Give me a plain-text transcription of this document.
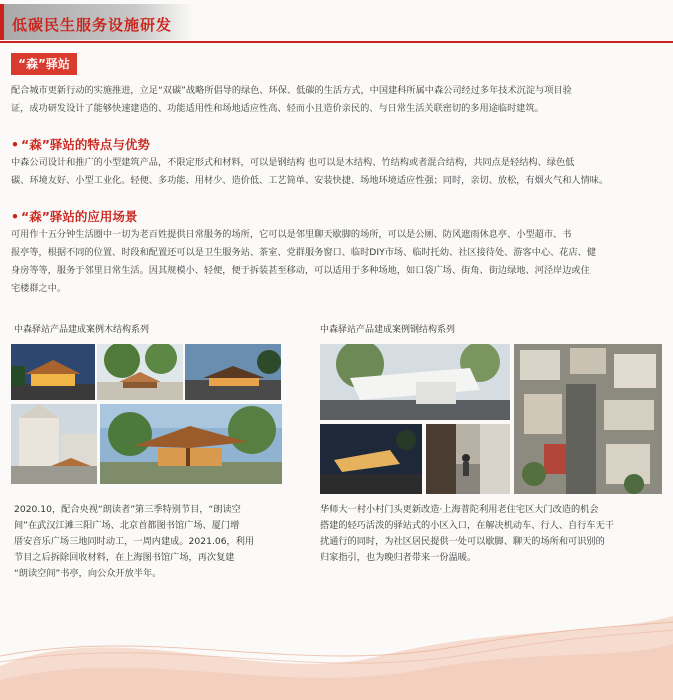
低碳民生服务设施研发
“森”驿站
配合城市更新行动的实施推进，立足“双碳”战略所倡导的绿色、环保、低碳的生活方式，中国建科所属中森公司经过多年技术沉淀与项目验
证，成功研发设计了能够快速建造的、功能适用性和场地适应性高、轻而小且造价亲民的、与日常生活关联密切的多用途临时建筑。
• “森”驿站的特点与优势
中森公司设计和推广的小型建筑产品，不限定形式和材料，可以是钢结构 也可以是木结构、竹结构或者混合结构，共同点是轻结构、绿色低
碳、环境友好、小型工业化。轻便、多功能、用材少、造价低、工艺简单、安装快捷、场地环境适应性强；同时，亲切、放松，有烟火气和人情味。
• “森”驿站的应用场景
可用作十五分钟生活圈中一切为老百姓提供日常服务的场所，它可以是邻里聊天歇脚的场所，可以是公厕、防风遮雨休息亭、小型超市、书
报亭等，根据不同的位置、时段和配置还可以是卫生服务站、茶室、党群服务窗口、临时DIY市场、临时托幼、社区接待处、游客中心、花店、健
身房等等，服务于邻里日常生活。因其规模小、轻便，便于拆装甚至移动，可以适用于多种场地，如口袋广场、街角、街边绿地、河泾岸边或住
宅楼群之中。
中森驿站产品建成案例木结构系列	中森驿站产品建成案例钢结构系列
2020.10，配合央视“朗读者”第三季特别节目，“朗读空
间”在武汉江滩三阳广场、北京首都图书馆广场、厦门增
厝安音乐广场三地同时动工，一周内建成。2021.06，利用
节目之后拆除回收材料，在上海图书馆广场，再次复建
“朗读空间”书亭，向公众开放半年。
华师大一村小村门头更新改造·上海普陀利用老住宅区大门改造的机会
搭建的轻巧活泼的驿站式的小区入口，在解决机动车、行人、自行车无干
扰通行的同时，为社区居民提供一处可以歇脚、聊天的场所和可识别的
归家指引，也为晚归者带来一份温暖。
